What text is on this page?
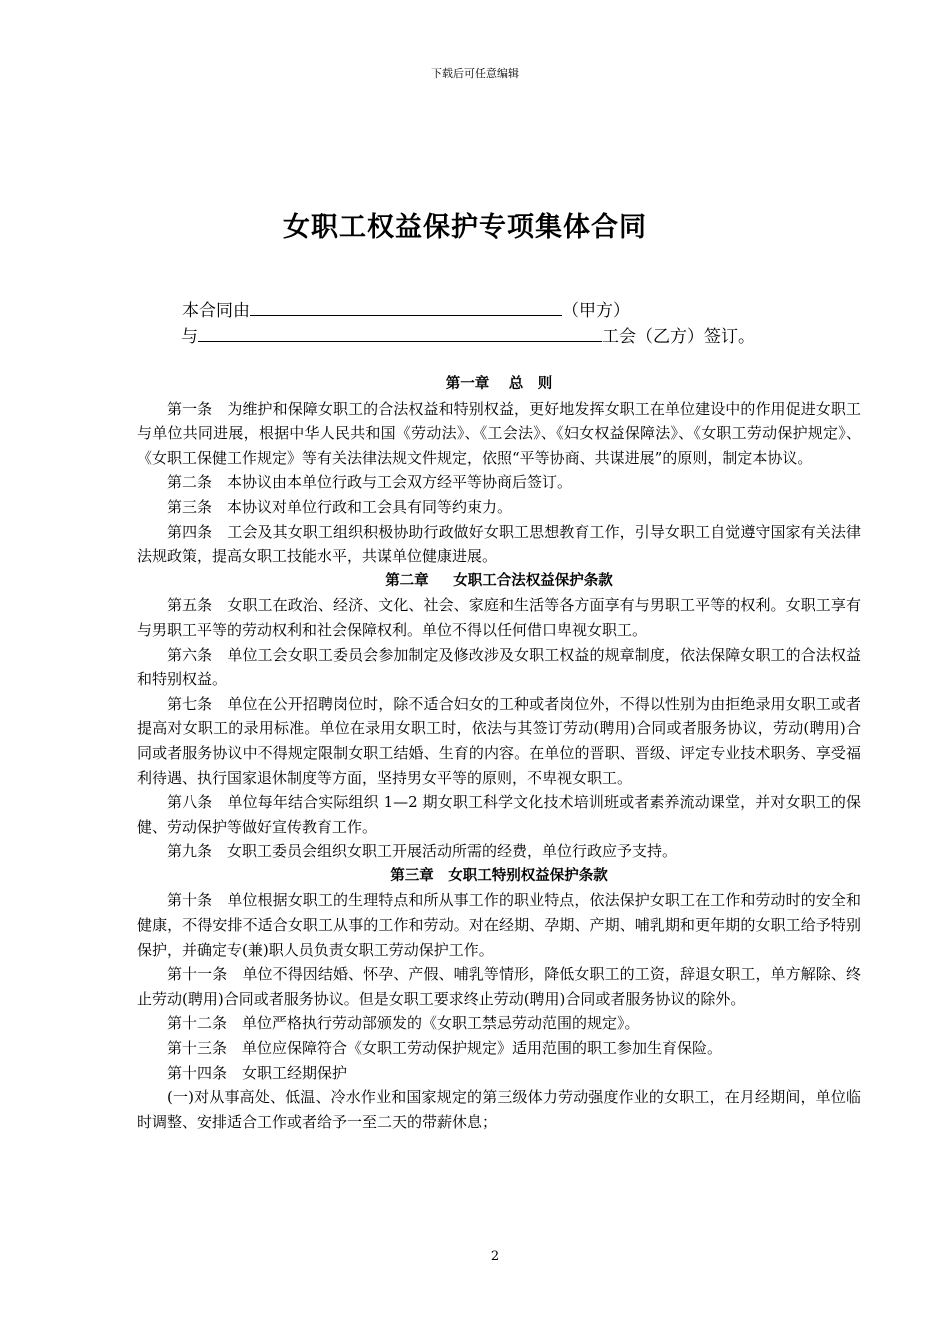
下载后可任意编辑
女职工权益保护专项集体合同
本合同由	（甲方）
与	工会（乙方）签订。
第一章　 总　则

第一条　为维护和保障女职工的合法权益和特别权益，更好地发挥女职工在单位建设中的作用促进女职工与单位共同进展，根据中华人民共和国《劳动法》、《工会法》、《妇女权益保障法》、《女职工劳动保护规定》、《女职工保健工作规定》等有关法律法规文件规定，依照“平等协商、共谋进展”的原则，制定本协议。

第二条　本协议由本单位行政与工会双方经平等协商后签订。

第三条　本协议对单位行政和工会具有同等约束力。

第四条　工会及其女职工组织积极协助行政做好女职工思想教育工作，引导女职工自觉遵守国家有关法律法规政策，提高女职工技能水平，共谋单位健康进展。

第二章　  女职工合法权益保护条款

第五条　女职工在政治、经济、文化、社会、家庭和生活等各方面享有与男职工平等的权利。女职工享有与男职工平等的劳动权利和社会保障权利。单位不得以任何借口卑视女职工。

第六条　单位工会女职工委员会参加制定及修改涉及女职工权益的规章制度，依法保障女职工的合法权益和特别权益。

第七条　单位在公开招聘岗位时，除不适合妇女的工种或者岗位外，不得以性别为由拒绝录用女职工或者提高对女职工的录用标准。单位在录用女职工时，依法与其签订劳动(聘用)合同或者服务协议，劳动(聘用)合同或者服务协议中不得规定限制女职工结婚、生育的内容。在单位的晋职、晋级、评定专业技术职务、享受福利待遇、执行国家退休制度等方面，坚持男女平等的原则，不卑视女职工。

第八条　单位每年结合实际组织 1—2 期女职工科学文化技术培训班或者素养流动课堂，并对女职工的保健、劳动保护等做好宣传教育工作。

第九条　女职工委员会组织女职工开展活动所需的经费，单位行政应予支持。

第三章　女职工特别权益保护条款

第十条　单位根据女职工的生理特点和所从事工作的职业特点，依法保护女职工在工作和劳动时的安全和健康，不得安排不适合女职工从事的工作和劳动。对在经期、孕期、产期、哺乳期和更年期的女职工给予特别保护，并确定专(兼)职人员负责女职工劳动保护工作。

第十一条　单位不得因结婚、怀孕、产假、哺乳等情形，降低女职工的工资，辞退女职工，单方解除、终止劳动(聘用)合同或者服务协议。但是女职工要求终止劳动(聘用)合同或者服务协议的除外。

第十二条　单位严格执行劳动部颁发的《女职工禁忌劳动范围的规定》。

第十三条　单位应保障符合《女职工劳动保护规定》适用范围的职工参加生育保险。

第十四条　女职工经期保护

(一)对从事高处、低温、冷水作业和国家规定的第三级体力劳动强度作业的女职工，在月经期间，单位临时调整、安排适合工作或者给予一至二天的带薪休息；

2
